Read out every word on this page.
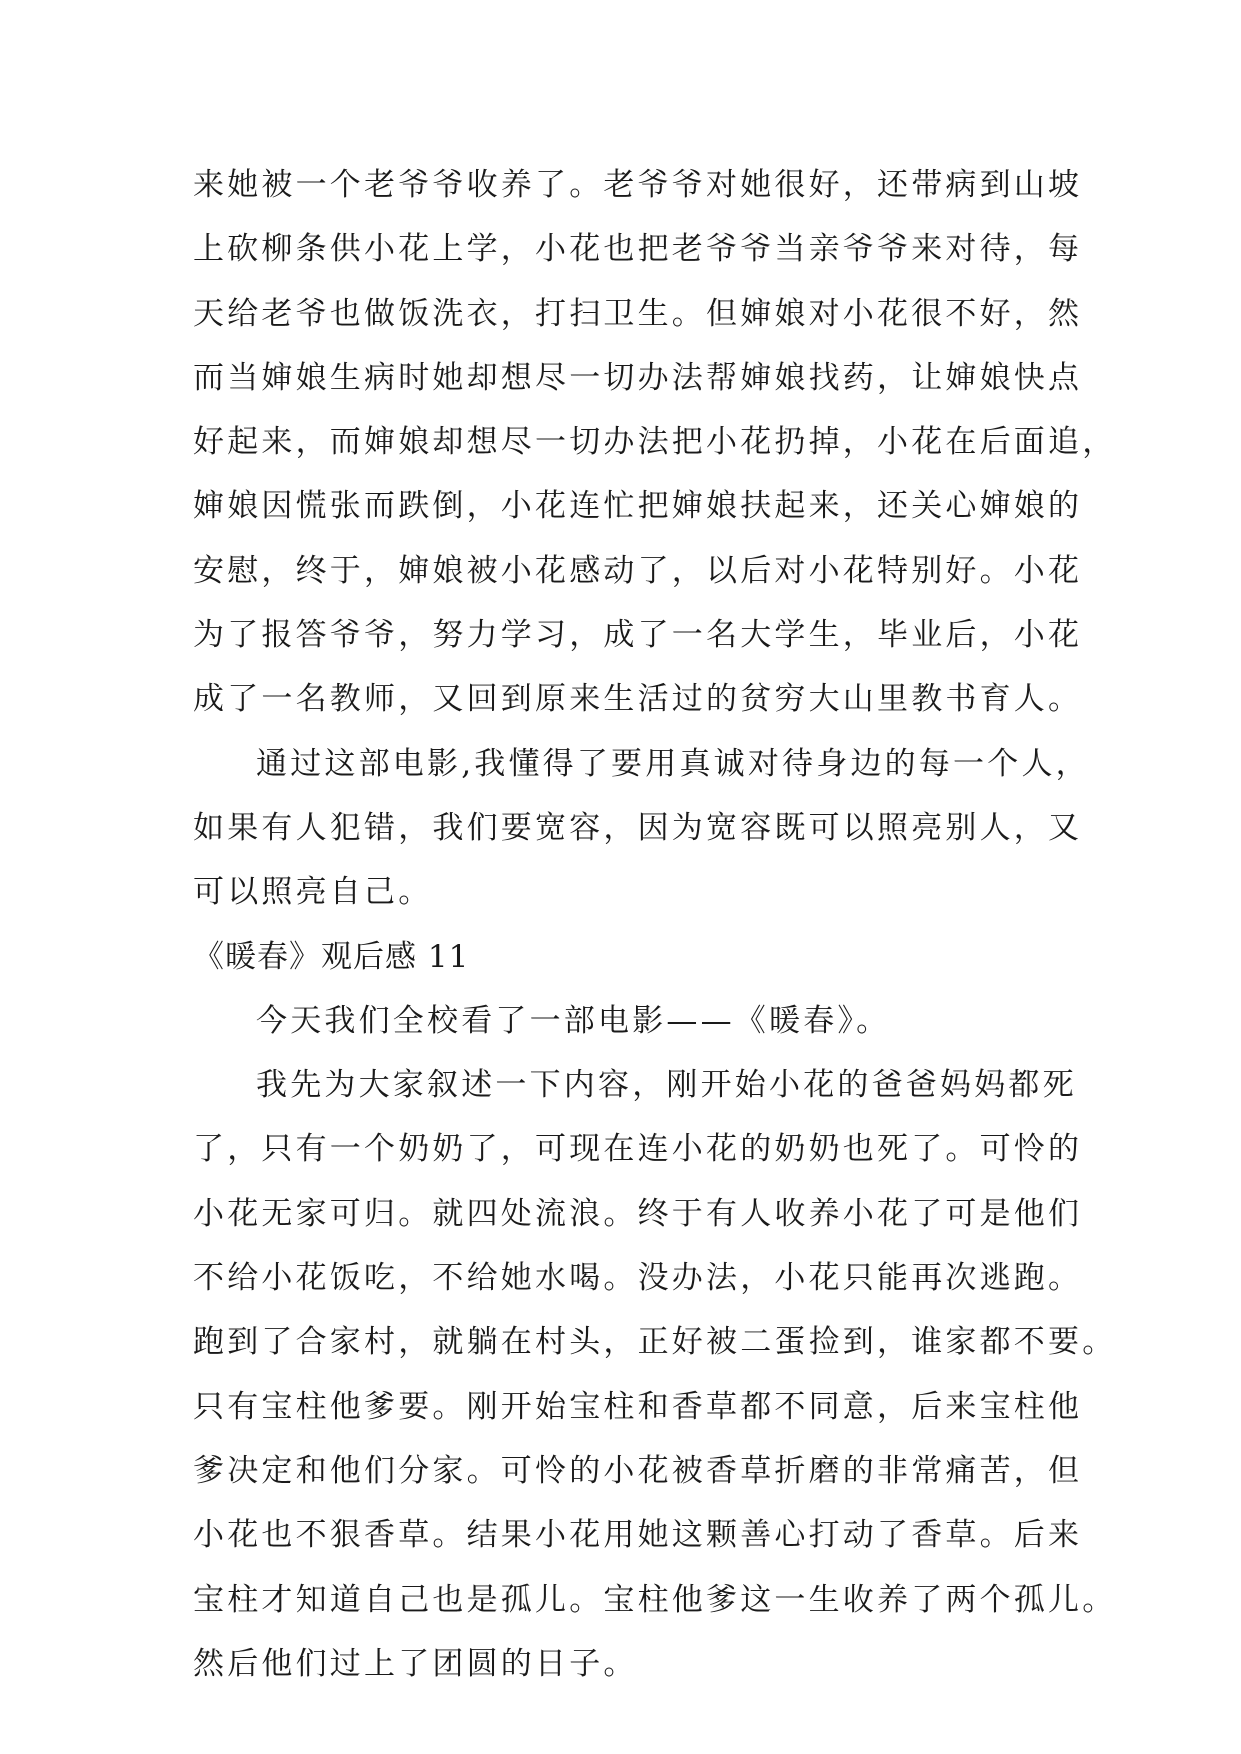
来她被一个老爷爷收养了。老爷爷对她很好，还带病到山坡
上砍柳条供小花上学，小花也把老爷爷当亲爷爷来对待，每
天给老爷也做饭洗衣，打扫卫生。但婶娘对小花很不好，然
而当婶娘生病时她却想尽一切办法帮婶娘找药，让婶娘快点
好起来，而婶娘却想尽一切办法把小花扔掉，小花在后面追，
婶娘因慌张而跌倒，小花连忙把婶娘扶起来，还关心婶娘的
安慰，终于，婶娘被小花感动了，以后对小花特别好。小花
为了报答爷爷，努力学习，成了一名大学生，毕业后，小花
成了一名教师，又回到原来生活过的贫穷大山里教书育人。
通过这部电影,我懂得了要用真诚对待身边的每一个人，
如果有人犯错，我们要宽容，因为宽容既可以照亮别人，又
可以照亮自己。
《暖春》观后感 11
今天我们全校看了一部电影——《暖春》。
我先为大家叙述一下内容，刚开始小花的爸爸妈妈都死
了，只有一个奶奶了，可现在连小花的奶奶也死了。可怜的
小花无家可归。就四处流浪。终于有人收养小花了可是他们
不给小花饭吃，不给她水喝。没办法，小花只能再次逃跑。
跑到了合家村，就躺在村头，正好被二蛋捡到，谁家都不要。
只有宝柱他爹要。刚开始宝柱和香草都不同意，后来宝柱他
爹决定和他们分家。可怜的小花被香草折磨的非常痛苦，但
小花也不狠香草。结果小花用她这颗善心打动了香草。后来
宝柱才知道自己也是孤儿。宝柱他爹这一生收养了两个孤儿。
然后他们过上了团圆的日子。
